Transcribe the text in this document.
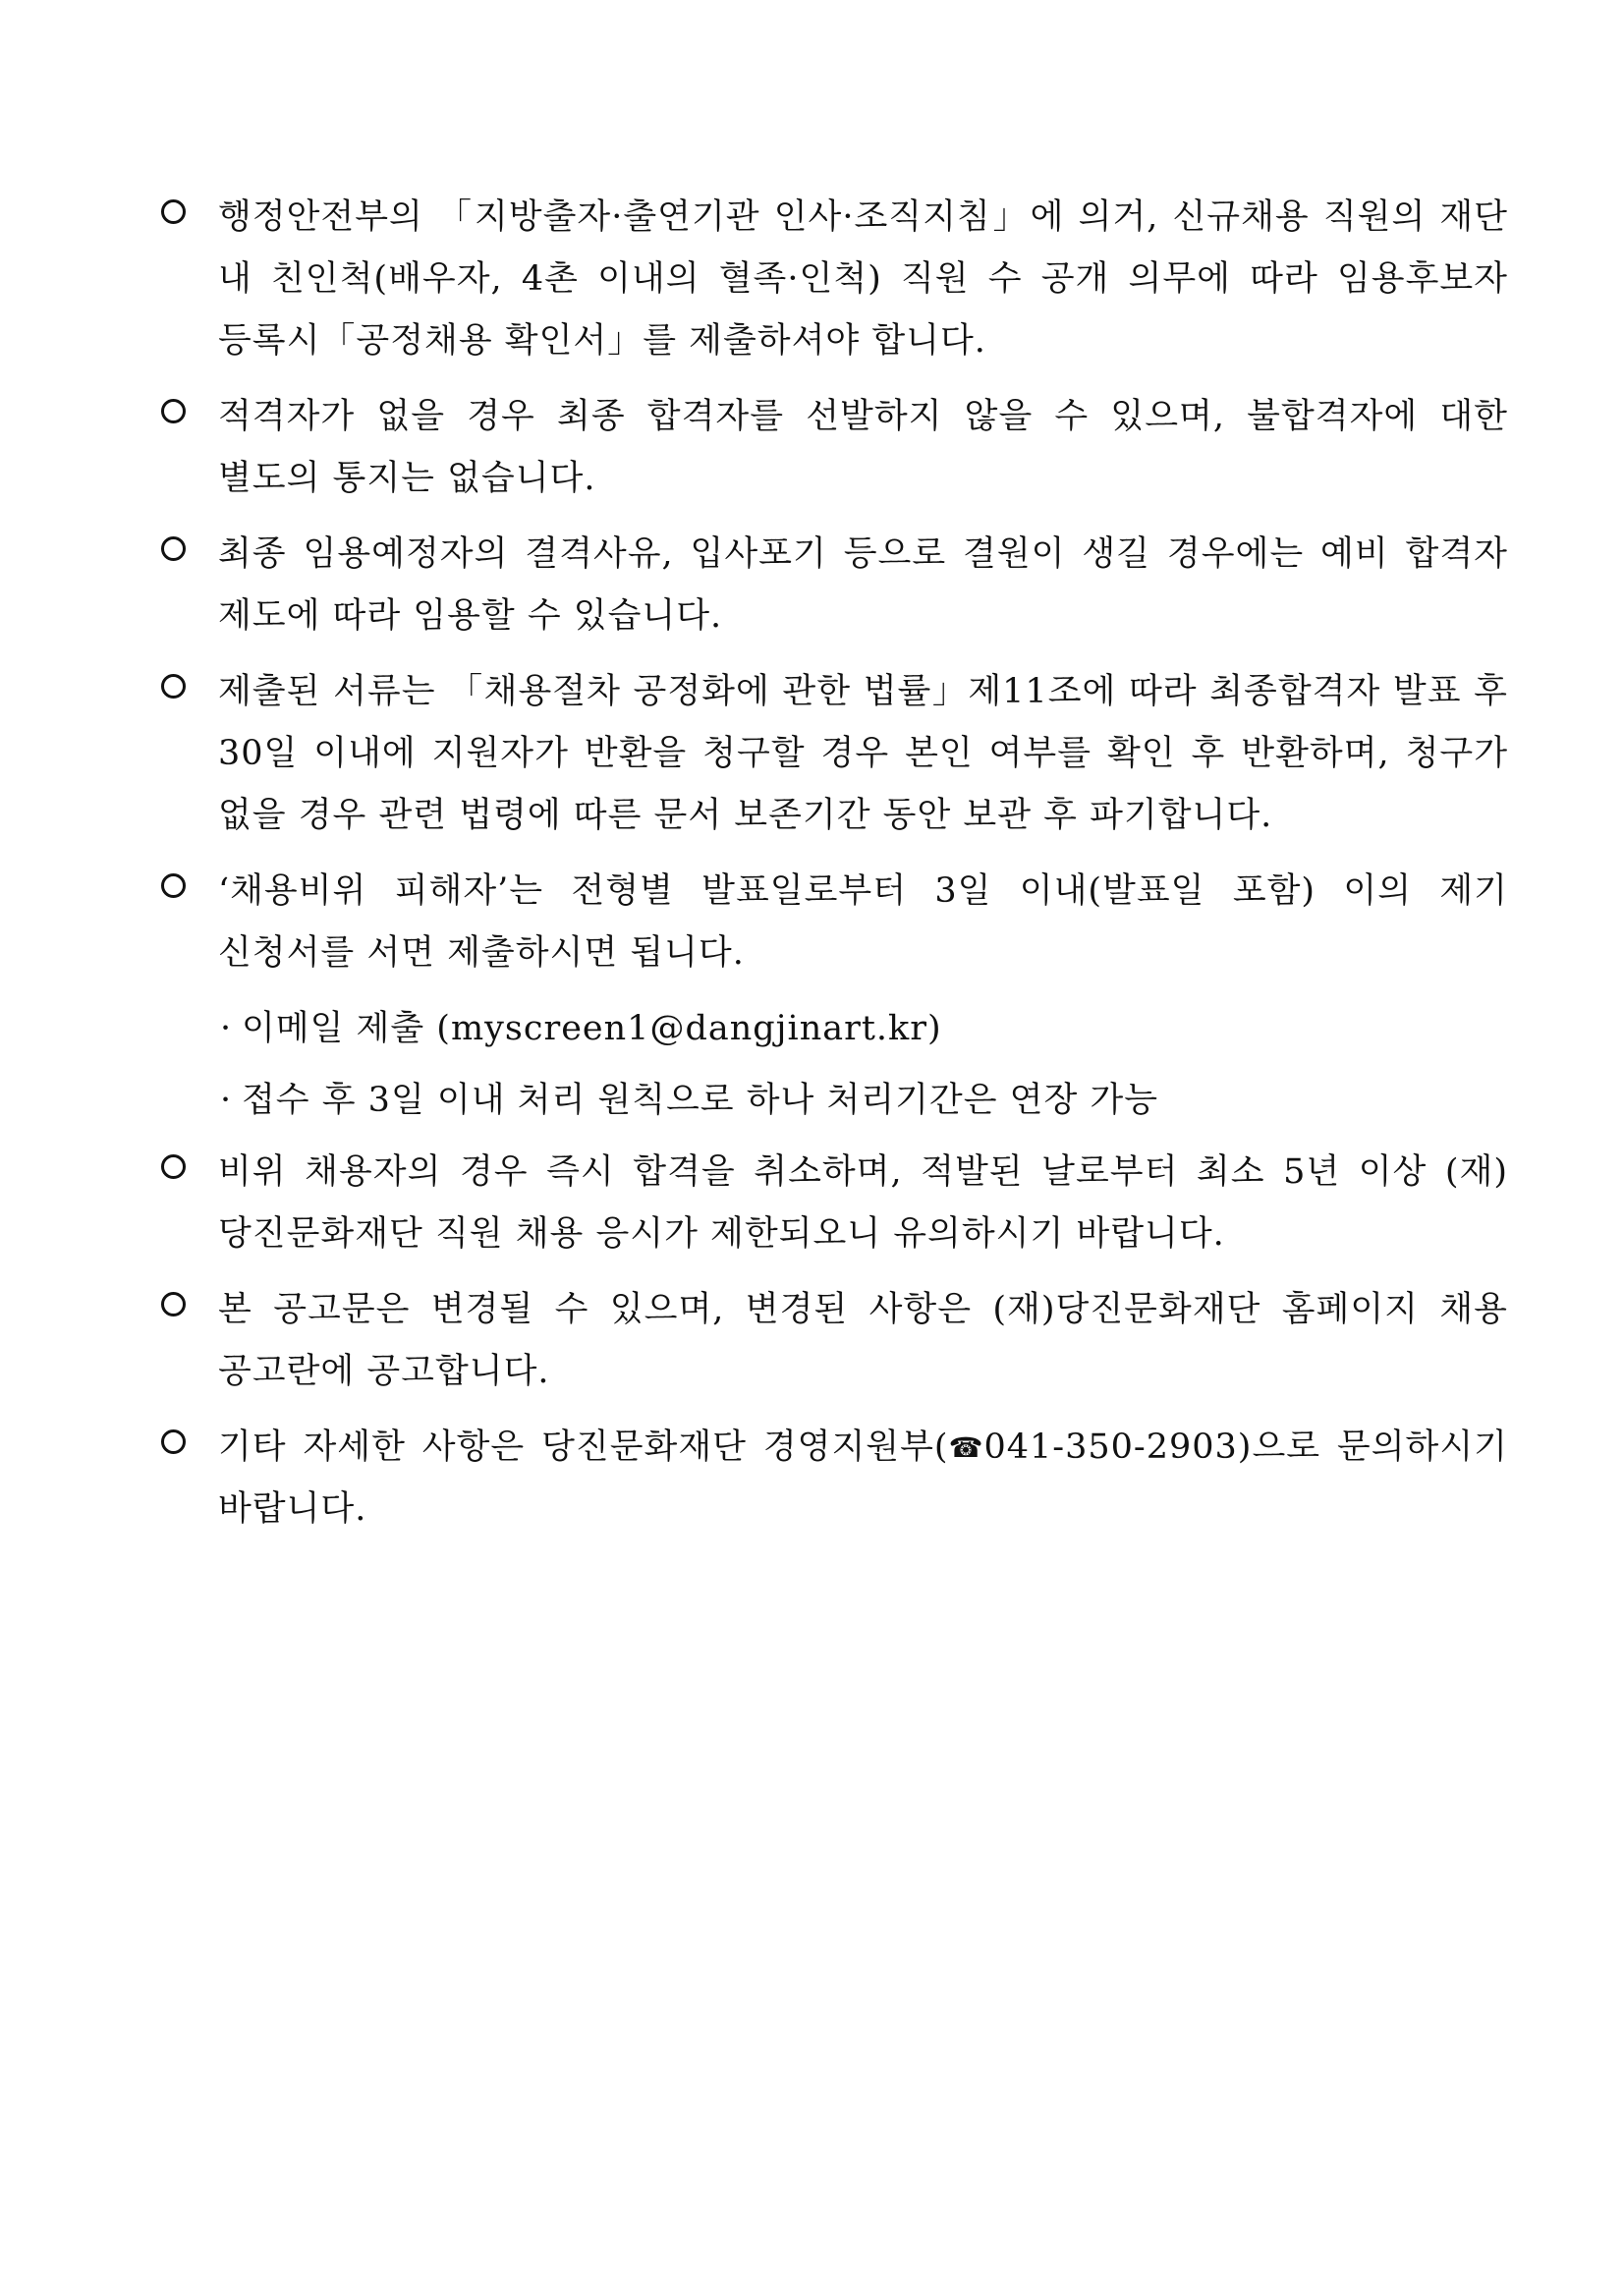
행정안전부의 「지방출자·출연기관 인사·조직지침」에 의거, 신규채용 직원의 재단 내 친인척(배우자, 4촌 이내의 혈족·인척) 직원 수 공개 의무에 따라 임용후보자 등록시「공정채용 확인서」를 제출하셔야 합니다.
적격자가 없을 경우 최종 합격자를 선발하지 않을 수 있으며, 불합격자에 대한 별도의 통지는 없습니다.
최종 임용예정자의 결격사유, 입사포기 등으로 결원이 생길 경우에는 예비 합격자 제도에 따라 임용할 수 있습니다.
제출된 서류는 「채용절차 공정화에 관한 법률」제11조에 따라 최종합격자 발표 후 30일 이내에 지원자가 반환을 청구할 경우 본인 여부를 확인 후 반환하며, 청구가 없을 경우 관련 법령에 따른 문서 보존기간 동안 보관 후 파기합니다.
‘채용비위 피해자’는 전형별 발표일로부터 3일 이내(발표일 포함) 이의 제기 신청서를 서면 제출하시면 됩니다.
· 이메일 제출 (myscreen1@dangjinart.kr)
· 접수 후 3일 이내 처리 원칙으로 하나 처리기간은 연장 가능
비위 채용자의 경우 즉시 합격을 취소하며, 적발된 날로부터 최소 5년 이상 (재)당진문화재단 직원 채용 응시가 제한되오니 유의하시기 바랍니다.
본 공고문은 변경될 수 있으며, 변경된 사항은 (재)당진문화재단 홈페이지 채용 공고란에 공고합니다.
기타 자세한 사항은 당진문화재단 경영지원부(☎041-350-2903)으로 문의하시기 바랍니다.
